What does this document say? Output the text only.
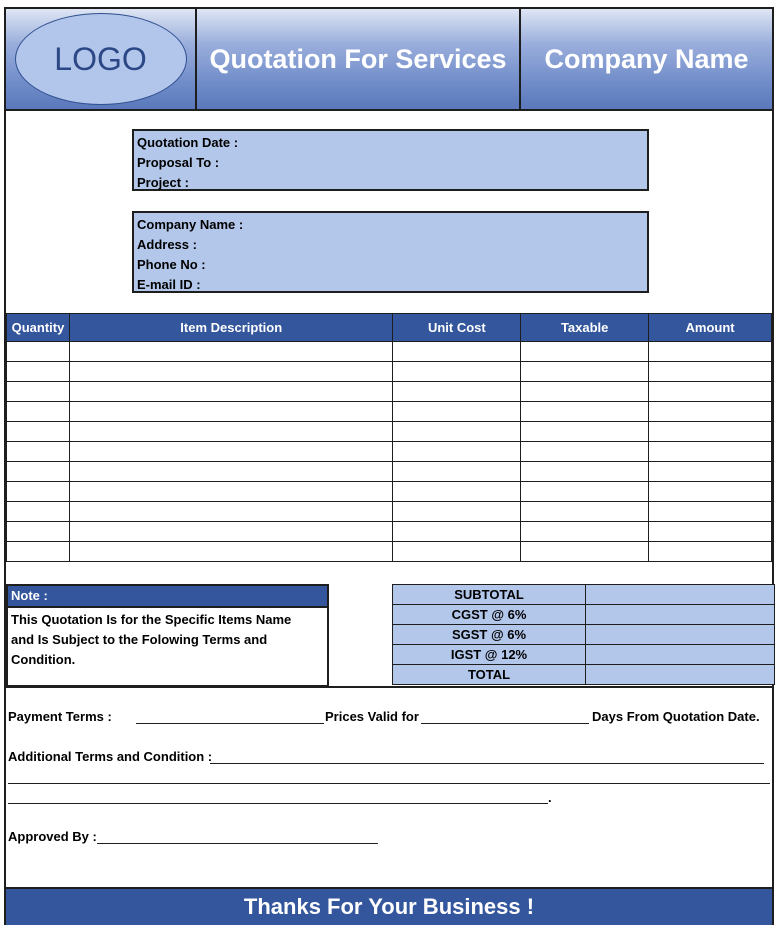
LOGO	Quotation For Services	Company Name
Quotation Date :
Proposal To :
Project :
Company Name :
Address :
Phone No :
E-mail ID :
Quantity	Item Description	Unit Cost	Taxable	Amount

Note :
This Quotation Is for the Specific Items Name
and Is Subject to the Folowing Terms and Condition.
SUBTOTAL	
CGST @ 6%	
SGST @ 6%	
IGST @ 12%	
TOTAL	
Payment Terms :	Prices Valid for	Days From Quotation Date.
Additional Terms and Condition :
.
Approved By :
Thanks For Your Business !
